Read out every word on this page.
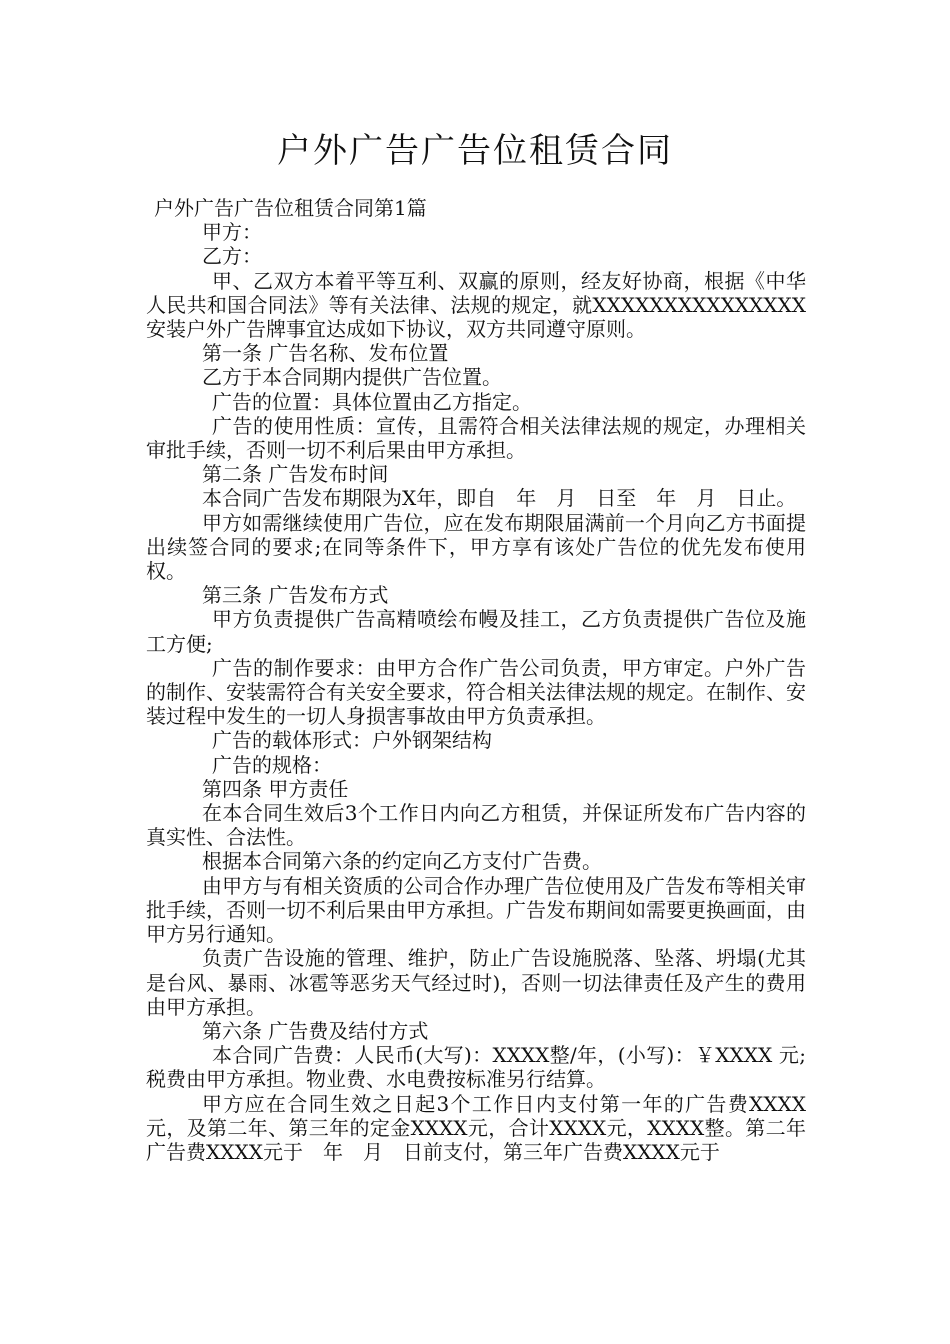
户外广告广告位租赁合同

户外广告广告位租赁合同第1篇

甲方：

乙方：

甲、乙双方本着平等互利、双赢的原则，经友好协商，根据《中华人民共和国合同法》等有关法律、法规的规定，就XXXXXXXXXXXXXXX安装户外广告牌事宜达成如下协议，双方共同遵守原则。

第一条 广告名称、发布位置

乙方于本合同期内提供广告位置。

广告的位置：具体位置由乙方指定。

广告的使用性质：宣传，且需符合相关法律法规的规定，办理相关审批手续，否则一切不利后果由甲方承担。

第二条 广告发布时间

本合同广告发布期限为X年，即自　年　月　日至　年　月　日止。

甲方如需继续使用广告位，应在发布期限届满前一个月向乙方书面提出续签合同的要求;在同等条件下，甲方享有该处广告位的优先发布使用权。

第三条 广告发布方式

甲方负责提供广告高精喷绘布幔及挂工，乙方负责提供广告位及施工方便;

广告的制作要求：由甲方合作广告公司负责，甲方审定。户外广告的制作、安装需符合有关安全要求，符合相关法律法规的规定。在制作、安装过程中发生的一切人身损害事故由甲方负责承担。

广告的载体形式：户外钢架结构

广告的规格：

第四条 甲方责任

在本合同生效后3个工作日内向乙方租赁，并保证所发布广告内容的真实性、合法性。

根据本合同第六条的约定向乙方支付广告费。

由甲方与有相关资质的公司合作办理广告位使用及广告发布等相关审批手续，否则一切不利后果由甲方承担。广告发布期间如需要更换画面，由甲方另行通知。

负责广告设施的管理、维护，防止广告设施脱落、坠落、坍塌(尤其是台风、暴雨、冰雹等恶劣天气经过时)，否则一切法律责任及产生的费用由甲方承担。

第六条 广告费及结付方式

本合同广告费：人民币(大写)：XXXX整/年，(小写)：￥XXXX 元;税费由甲方承担。物业费、水电费按标准另行结算。

甲方应在合同生效之日起3个工作日内支付第一年的广告费XXXX元，及第二年、第三年的定金XXXX元，合计XXXX元，XXXX整。第二年广告费XXXX元于　年　月　日前支付，第三年广告费XXXX元于
